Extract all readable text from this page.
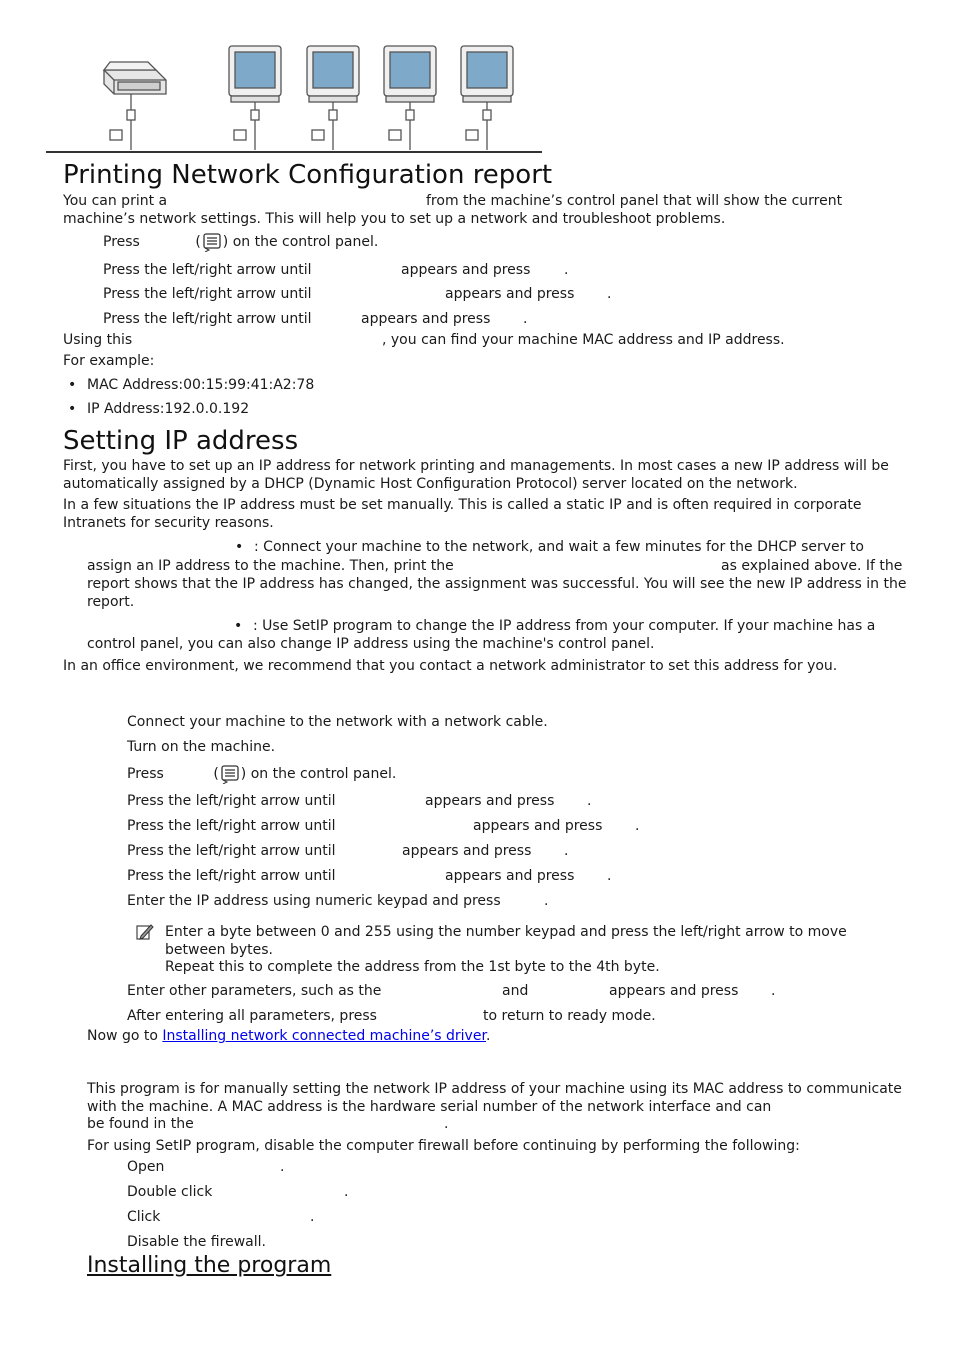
Printing Network Configuration report
You can print a	from the machine’s control panel that will show the current machine’s network settings. This will help you to set up a network and troubleshoot problems.
Press	( ) on the control panel.
Press the left/right arrow until	appears and press .
Press the left/right arrow until	appears and press .
Press the left/right arrow until	appears and press .
Using this	, you can find your machine MAC address and IP address.
For example:
• MAC Address:00:15:99:41:A2:78
• IP Address:192.0.0.192
Setting IP address

First, you have to set up an IP address for network printing and managements. In most cases a new IP address will be automatically assigned by a DHCP (Dynamic Host Configuration Protocol) server located on the network.

In a few situations the IP address must be set manually. This is called a static IP and is often required in corporate Intranets for security reasons.

• : Connect your machine to the network, and wait a few minutes for the DHCP server to
assign an IP address to the machine. Then, print the	as explained above. If the

report shows that the IP address has changed, the assignment was successful. You will see the new IP address in the report.

• : Use SetIP program to change the IP address from your computer. If your machine has a control panel, you can also change IP address using the machine's control panel.

In an office environment, we recommend that you contact a network administrator to set this address for you.

Connect your machine to the network with a network cable.
Turn on the machine.
Press	( ) on the control panel.
Press the left/right arrow until	appears and press .
Press the left/right arrow until	appears and press .
Press the left/right arrow until	appears and press .
Press the left/right arrow until	appears and press .
Enter the IP address using numeric keypad and press	.

Enter a byte between 0 and 255 using the number keypad and press the left/right arrow to move between bytes.

Repeat this to complete the address from the 1st byte to the 4th byte.
Enter other parameters, such as the	and	appears and press .
After entering all parameters, press	to return to ready mode.
Now go to Installing network connected machine’s driver.

This program is for manually setting the network IP address of your machine using its MAC address to communicate with the machine. A MAC address is the hardware serial number of the network interface and can

be found in the	.
For using SetIP program, disable the computer firewall before continuing by performing the following:
Open	.
Double click	.
Click	.
Disable the firewall.
Installing the program
